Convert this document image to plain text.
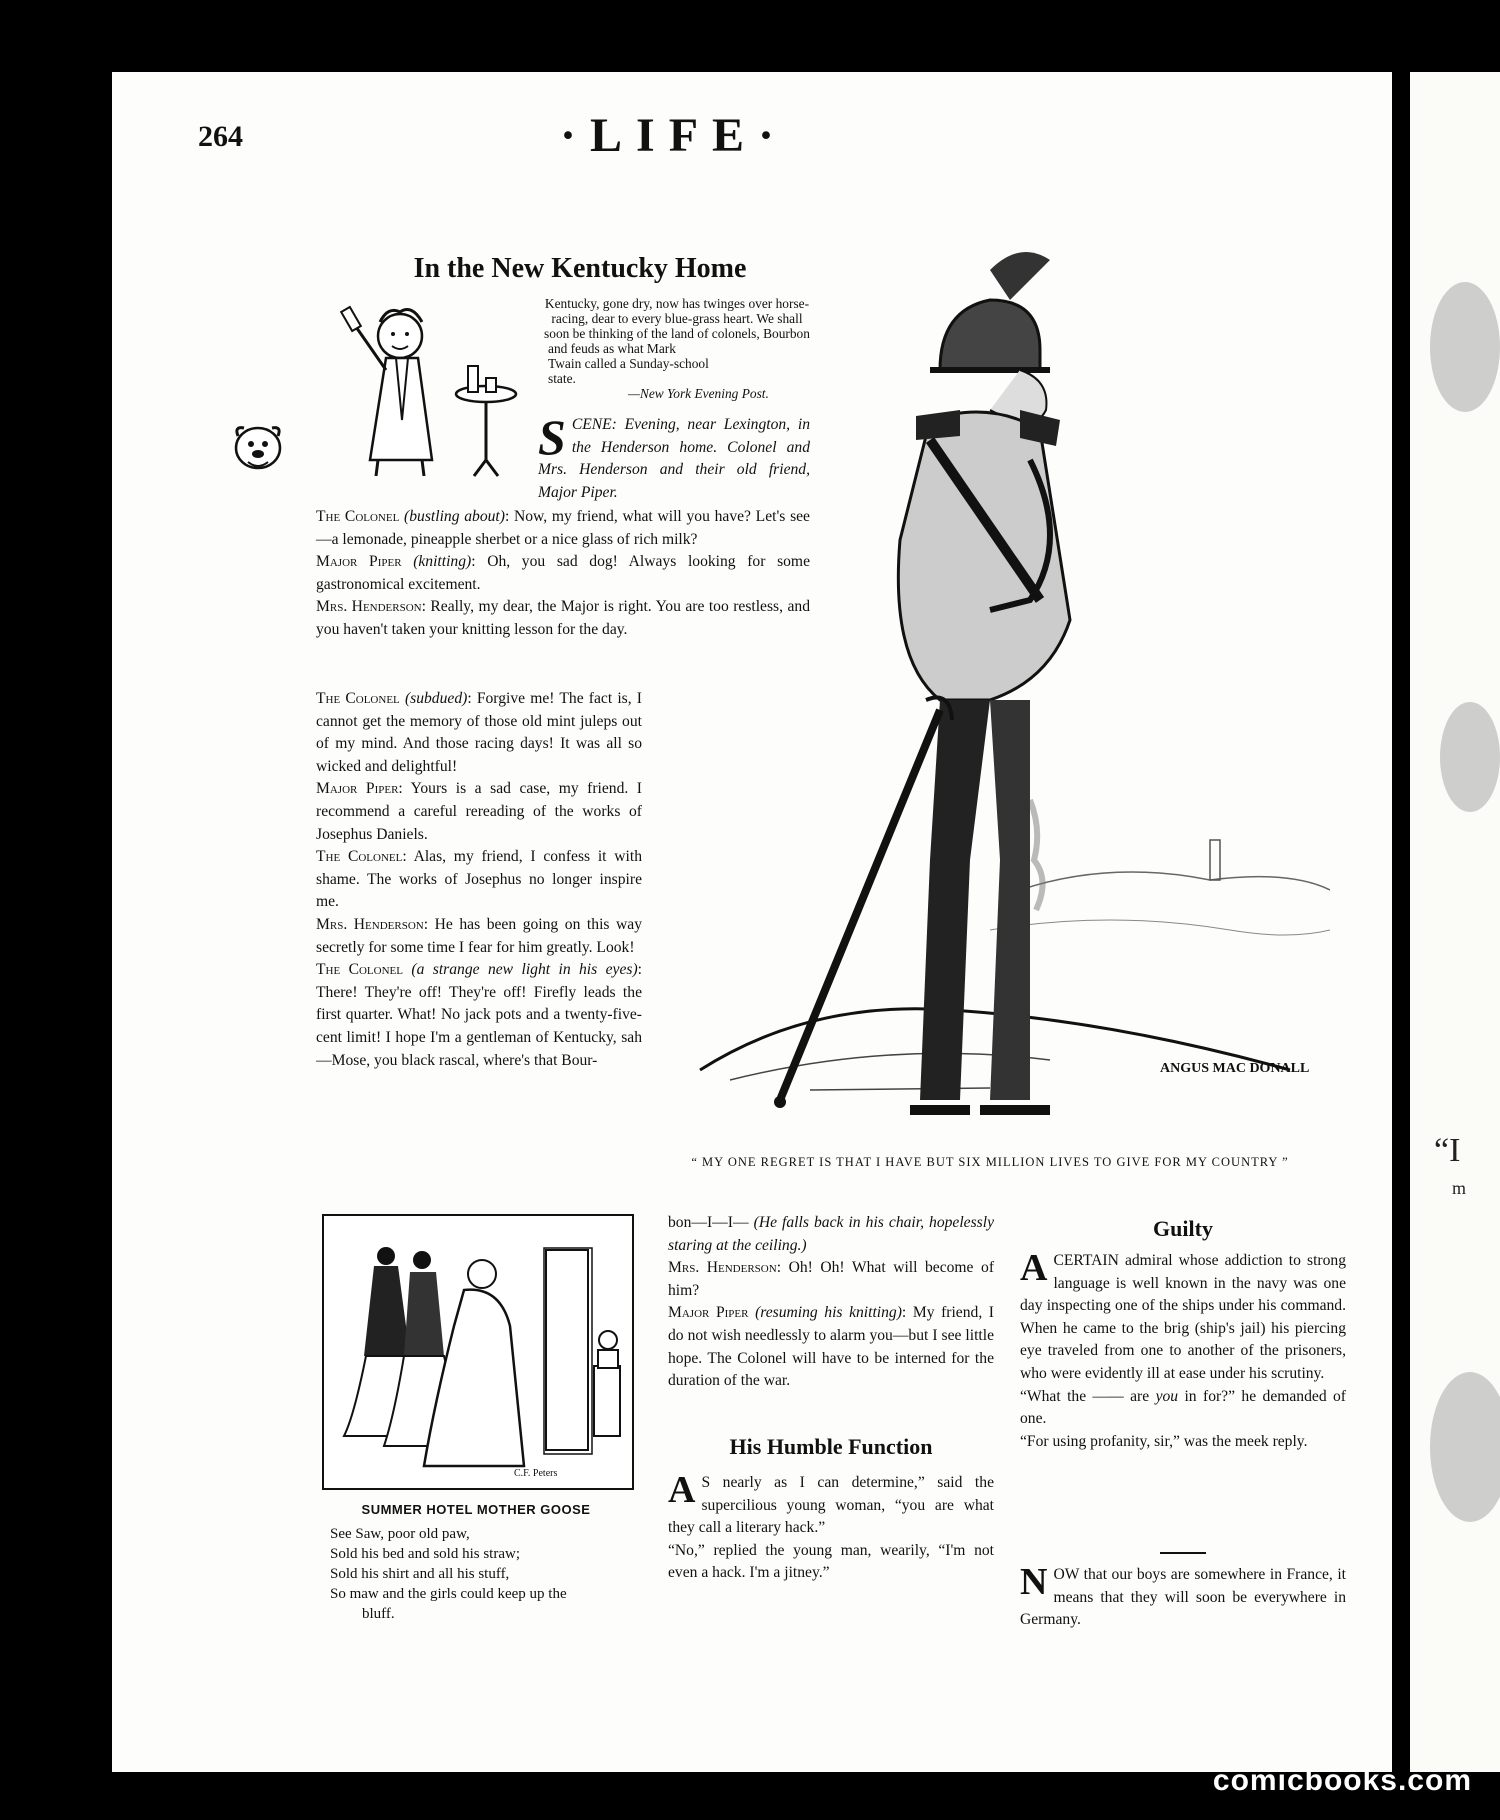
“I
m
264	·LIFE·
In the New Kentucky Home
Kentucky, gone dry, now has twinges over horse-
racing, dear to every blue-grass heart. We shall
soon be thinking of the land of colonels, Bourbon
and feuds as what Mark
Twain called a Sunday-school
state.
—New York Evening Post.
SCENE: Evening, near Lexington, in the Henderson home. Colonel and Mrs. Henderson and their old friend, Major Piper.

The Colonel (bustling about): Now, my friend, what will you have? Let's see—a lemonade, pineapple sherbet or a nice glass of rich milk?

Major Piper (knitting): Oh, you sad dog! Always looking for some gastronomical excitement.

Mrs. Henderson: Really, my dear, the Major is right. You are too restless, and you haven't taken your knitting lesson for the day.

The Colonel (subdued): Forgive me! The fact is, I cannot get the memory of those old mint juleps out of my mind. And those racing days! It was all so wicked and delightful!

Major Piper: Yours is a sad case, my friend. I recommend a careful rereading of the works of Josephus Daniels.

The Colonel: Alas, my friend, I confess it with shame. The works of Josephus no longer inspire me.

Mrs. Henderson: He has been going on this way secretly for some time I fear for him greatly. Look!

The Colonel (a strange new light in his eyes): There! They're off! They're off! Firefly leads the first quarter. What! No jack pots and a twenty-five-cent limit! I hope I'm a gentleman of Kentucky, sah—Mose, you black rascal, where's that Bour-	ANGUS MAC DONALL
“ MY ONE REGRET IS THAT I HAVE BUT SIX MILLION LIVES TO GIVE FOR MY COUNTRY ”
C.F. Peters
SUMMER HOTEL MOTHER GOOSE
See Saw, poor old paw,
Sold his bed and sold his straw;
Sold his shirt and all his stuff,
So maw and the girls could keep up the
bluff.

bon—I—I— (He falls back in his chair, hopelessly staring at the ceiling.)

Mrs. Henderson: Oh! Oh! What will become of him?

Major Piper (resuming his knitting): My friend, I do not wish needlessly to alarm you—but I see little hope. The Colonel will have to be interned for the duration of the war.

His Humble Function

A S nearly as I can determine,” said the supercilious young woman, “you are what they call a literary hack.”

“No,” replied the young man, wearily, “I'm not even a hack. I'm a jitney.”

Guilty

ACERTAIN admiral whose addiction to strong language is well known in the navy was one day inspecting one of the ships under his command. When he came to the brig (ship's jail) his piercing eye traveled from one to another of the prisoners, who were evidently ill at ease under his scrutiny.

“What the —— are you in for?” he demanded of one.

“For using profanity, sir,” was the meek reply.

NOW that our boys are somewhere in France, it means that they will soon be everywhere in Germany.

comicbooks.com
